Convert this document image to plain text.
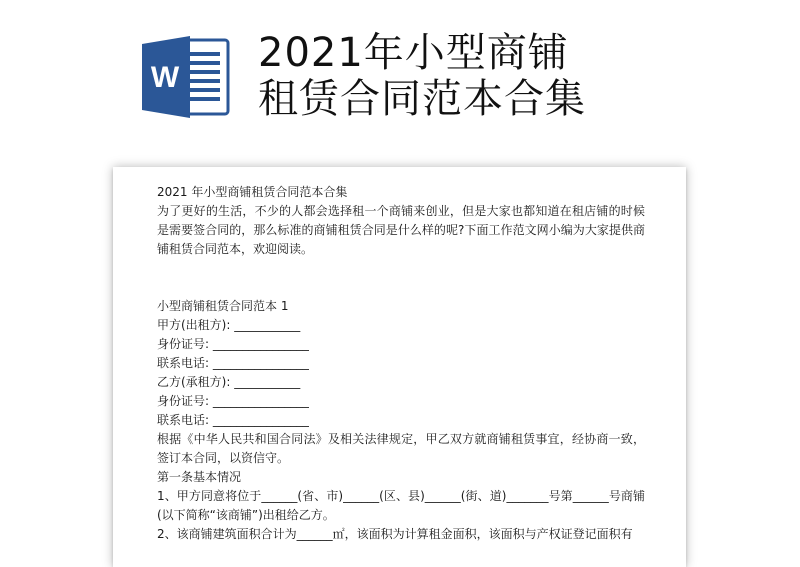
W
2021年小型商铺
租赁合同范本合集
2021 年小型商铺租赁合同范本合集
为了更好的生活，不少的人都会选择租一个商铺来创业，但是大家也都知道在租店铺的时候是需要签合同的，那么标准的商铺租赁合同是什么样的呢?下面工作范文网小编为大家提供商铺租赁合同范本，欢迎阅读。
小型商铺租赁合同范本 1
甲方(出租方): ___________
身份证号: ________________
联系电话: ________________
乙方(承租方): ___________
身份证号: ________________
联系电话: ________________
根据《中华人民共和国合同法》及相关法律规定，甲乙双方就商铺租赁事宜，经协商一致，签订本合同，以资信守。
第一条基本情况
1、甲方同意将位于______(省、市)______(区、县)______(街、道)_______号第______号商铺(以下简称“该商铺”)出租给乙方。
2、该商铺建筑面积合计为______㎡，该面积为计算租金面积，该面积与产权证登记面积有
